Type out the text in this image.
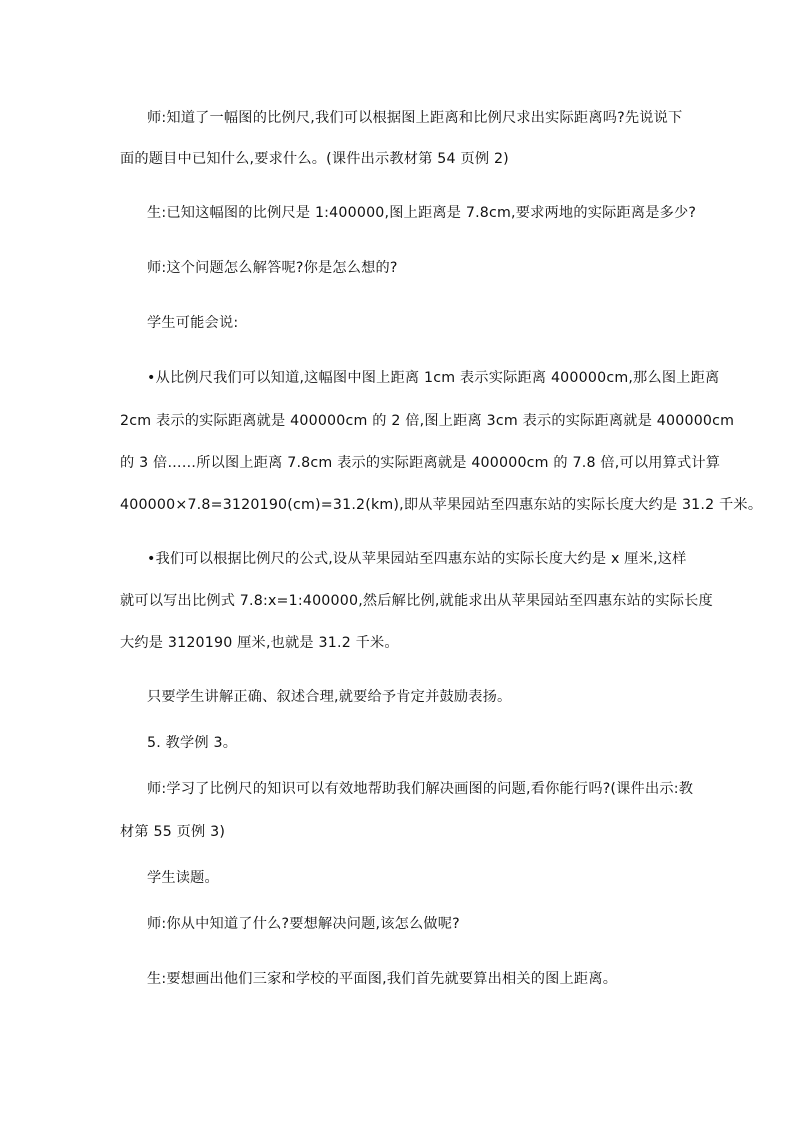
师:知道了一幅图的比例尺,我们可以根据图上距离和比例尺求出实际距离吗?先说说下
面的题目中已知什么,要求什么。(课件出示教材第 54 页例 2)
生:已知这幅图的比例尺是 1:400000,图上距离是 7.8cm,要求两地的实际距离是多少?
师:这个问题怎么解答呢?你是怎么想的?
学生可能会说:
•从比例尺我们可以知道,这幅图中图上距离 1cm 表示实际距离 400000cm,那么图上距离
2cm 表示的实际距离就是 400000cm 的 2 倍,图上距离 3cm 表示的实际距离就是 400000cm
的 3 倍……所以图上距离 7.8cm 表示的实际距离就是 400000cm 的 7.8 倍,可以用算式计算
400000×7.8=3120190(cm)=31.2(km),即从苹果园站至四惠东站的实际长度大约是 31.2 千米。
•我们可以根据比例尺的公式,设从苹果园站至四惠东站的实际长度大约是 x 厘米,这样
就可以写出比例式 7.8:x=1:400000,然后解比例,就能求出从苹果园站至四惠东站的实际长度
大约是 3120190 厘米,也就是 31.2 千米。
只要学生讲解正确、叙述合理,就要给予肯定并鼓励表扬。
5. 教学例 3。
师:学习了比例尺的知识可以有效地帮助我们解决画图的问题,看你能行吗?(课件出示:教
材第 55 页例 3)
学生读题。
师:你从中知道了什么?要想解决问题,该怎么做呢?
生:要想画出他们三家和学校的平面图,我们首先就要算出相关的图上距离。
